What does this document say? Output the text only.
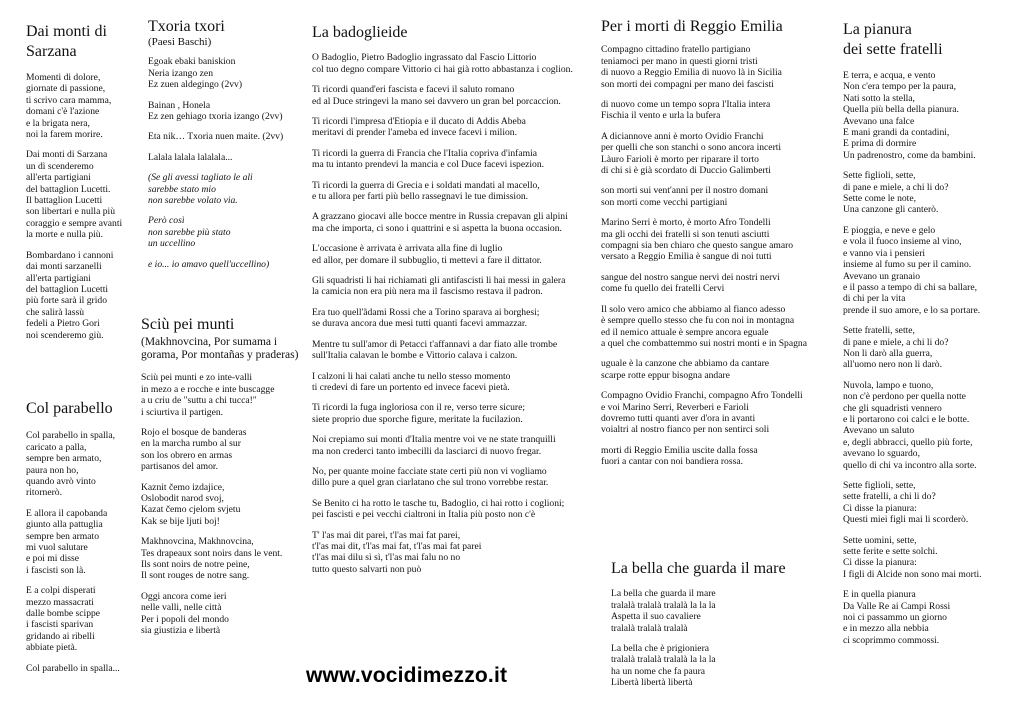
Dai monti di
Sarzana
Momenti di dolore,
giornate di passione,
ti scrivo cara mamma,
domani c'è l'azione
e la brigata nera,
noi la farem morire.
Dai monti di Sarzana
un dì scenderemo
all'erta partigiani
del battaglion Lucetti.
Il battaglion Lucetti
son libertari e nulla più
coraggio e sempre avanti
la morte e nulla più.
Bombardano i cannoni
dai monti sarzanelli
all'erta partigiani
del battaglion Lucetti
più forte sarà il grido
che salirà lassù
fedeli a Pietro Gori
noi scenderemo giù.
Col parabello
Col parabello in spalla,
caricato a palla,
sempre ben armato,
paura non ho,
quando avrò vinto
ritornerò.
E allora il capobanda
giunto alla pattuglia
sempre ben armato
mi vuol salutare
e poi mi disse
i fascisti son là.
E a colpi disperati
mezzo massacrati
dalle bombe scippe
i fascisti sparivan
gridando ai ribelli
abbiate pietà.
Col parabello in spalla...
Txoria txori
(Paesi Baschi)
Egoak ebaki baniskion
Neria izango zen
Ez zuen aldegingo (2vv)
Bainan , Honela
Ez zen gehiago txoria izango (2vv)
Eta nik… Txoria nuen maite. (2vv)
Lalala lalala lalalala...
(Se gli avessi tagliato le ali
sarebbe stato mio
non sarebbe volato via.
Però così
non sarebbe più stato
un uccellino
e io... io amavo quell'uccellino)
Sciù pei munti
(Makhnovcina, Por sumama i gorama, Por montañas y praderas)
Sciù pei munti e zo inte-valli
in mezo a e rocche e inte buscagge
a u criu de "suttu a chi tucca!"
i sciurtiva il partigen.
Rojo el bosque de banderas
en la marcha rumbo al sur
son los obrero en armas
partisanos del amor.
Kaznit čemo izdajice,
Oslobodit narod svoj,
Kazat čemo cjelom svjetu
Kak se bije ljuti boj!
Makhnovcina, Makhnovcina,
Tes drapeaux sont noirs dans le vent.
Ils sont noirs de notre peine,
Il sont rouges de notre sang.
Oggi ancora come ieri
nelle valli, nelle città
Per i popoli del mondo
sia giustizia e libertà
La badoglieide
O Badoglio, Pietro Badoglio ingrassato dal Fascio Littorio
col tuo degno compare Vittorio ci hai già rotto abbastanza i coglion.
Ti ricordi quand'eri fascista e facevi il saluto romano
ed al Duce stringevi la mano sei davvero un gran bel porcaccion.
Ti ricordi l'impresa d'Etiopia e il ducato di Addis Abeba
meritavi di prender l'ameba ed invece facevi i milion.
Ti ricordi la guerra di Francia che l'Italia copriva d'infamia
ma tu intanto prendevi la mancia e col Duce facevi ispezion.
Ti ricordi la guerra di Grecia e i soldati mandati al macello,
e tu allora per farti più bello rassegnavi le tue dimission.
A grazzano giocavi alle bocce mentre in Russia crepavan gli alpini
ma che importa, ci sono i quattrini e si aspetta la buona occasion.
L'occasione è arrivata è arrivata alla fine di luglio
ed allor, per domare il subbuglio, ti mettevi a fare il dittator.
Gli squadristi li hai richiamati gli antifascisti li hai messi in galera
la camicia non era più nera ma il fascismo restava il padron.
Era tuo quell'ãdami Rossi che a Torino sparava ai borghesi;
se durava ancora due mesi tutti quanti facevi ammazzar.
Mentre tu sull'amor di Petacci t'affannavi a dar fiato alle trombe
sull'Italia calavan le bombe e Vittorio calava i calzon.
I calzoni li hai calati anche tu nello stesso momento
ti credevi di fare un portento ed invece facevi pietà.
Ti ricordi la fuga ingloriosa con il re, verso terre sicure;
siete proprio due sporche figure, meritate la fucilazion.
Noi crepiamo sui monti d'Italia mentre voi ve ne state tranquilli
ma non crederci tanto imbecilli da lasciarci di nuovo fregar.
No, per quante moine facciate state certi più non vi vogliamo
dillo pure a quel gran ciarlatano che sul trono vorrebbe restar.
Se Benito ci ha rotto le tasche tu, Badoglio, ci hai rotto i coglioni;
pei fascisti e pei vecchi cialtroni in Italia più posto non c'è
T' l'as mai dit parei, t'l'as mai fat parei,
t'l'as mai dit, t'l'as mai fat, t'l'as mai fat parei
t'l'as mai dilu sì sì, t'l'as mai falu no no
tutto questo salvarti non può
Per i morti di Reggio Emilia
Compagno cittadino fratello partigiano
teniamoci per mano in questi giorni tristi
di nuovo a Reggio Emilia di nuovo là in Sicilia
son morti dei compagni per mano dei fascisti
di nuovo come un tempo sopra l'Italia intera
Fischia il vento e urla la bufera
A diciannove anni è morto Ovidio Franchi
per quelli che son stanchi o sono ancora incerti
Làuro Farioli è morto per riparare il torto
di chi si è già scordato di Duccio Galimberti
son morti sui vent'anni per il nostro domani
son morti come vecchi partigiani
Marino Serri è morto, è morto Afro Tondelli
ma gli occhi dei fratelli si son tenuti asciutti
compagni sia ben chiaro che questo sangue amaro
versato a Reggio Emilia è sangue di noi tutti
sangue del nostro sangue nervi dei nostri nervi
come fu quello dei fratelli Cervi
Il solo vero amico che abbiamo al fianco adesso
è sempre quello stesso che fu con noi in montagna
ed il nemico attuale è sempre ancora eguale
a quel che combattemmo sui nostri monti e in Spagna
uguale è la canzone che abbiamo da cantare
scarpe rotte eppur bisogna andare
Compagno Ovidio Franchi, compagno Afro Tondelli
e voi Marino Serri, Reverberi e Farioli
dovremo tutti quanti aver d'ora in avanti
voialtri al nostro fianco per non sentirci soli
morti di Reggio Emilia uscite dalla fossa
fuori a cantar con noi bandiera rossa.
La bella che guarda il mare
La bella che guarda il mare
tralalà tralalà tralalà la la la
Aspetta il suo cavaliere
tralalà tralalà tralalà
La bella che è prigioniera
tralalà tralalà tralalà la la la
ha un nome che fa paura
Libertà libertà libertà
La pianura
dei sette fratelli
E terra, e acqua, e vento
Non c'era tempo per la paura,
Nati sotto la stella,
Quella più bella della pianura.
Avevano una falce
E mani grandi da contadini,
E prima di dormire
Un padrenostro, come da bambini.
Sette figlioli, sette,
di pane e miele, a chi li do?
Sette come le note,
Una canzone gli canterò.
E pioggia, e neve e gelo
e vola il fuoco insieme al vino,
e vanno via i pensieri
insieme al fumo su per il camino.
Avevano un granaio
e il passo a tempo di chi sa ballare,
di chi per la vita
prende il suo amore, e lo sa portare.
Sette fratelli, sette,
di pane e miele, a chi li do?
Non li darò alla guerra,
all'uomo nero non li darò.
Nuvola, lampo e tuono,
non c'è perdono per quella notte
che gli squadristi vennero
e li portarono coi calci e le botte.
Avevano un saluto
e, degli abbracci, quello più forte,
avevano lo sguardo,
quello di chi va incontro alla sorte.
Sette figlioli, sette,
sette fratelli, a chi li do?
Ci disse la pianura:
Questi miei figli mai li scorderò.
Sette uomini, sette,
sette ferite e sette solchi.
Ci disse la pianura:
I figli di Alcide non sono mai morti.
E in quella pianura
Da Valle Re ai Campi Rossi
noi ci passammo un giorno
e in mezzo alla nebbia
ci scoprimmo commossi.
www.vocidimezzo.it
